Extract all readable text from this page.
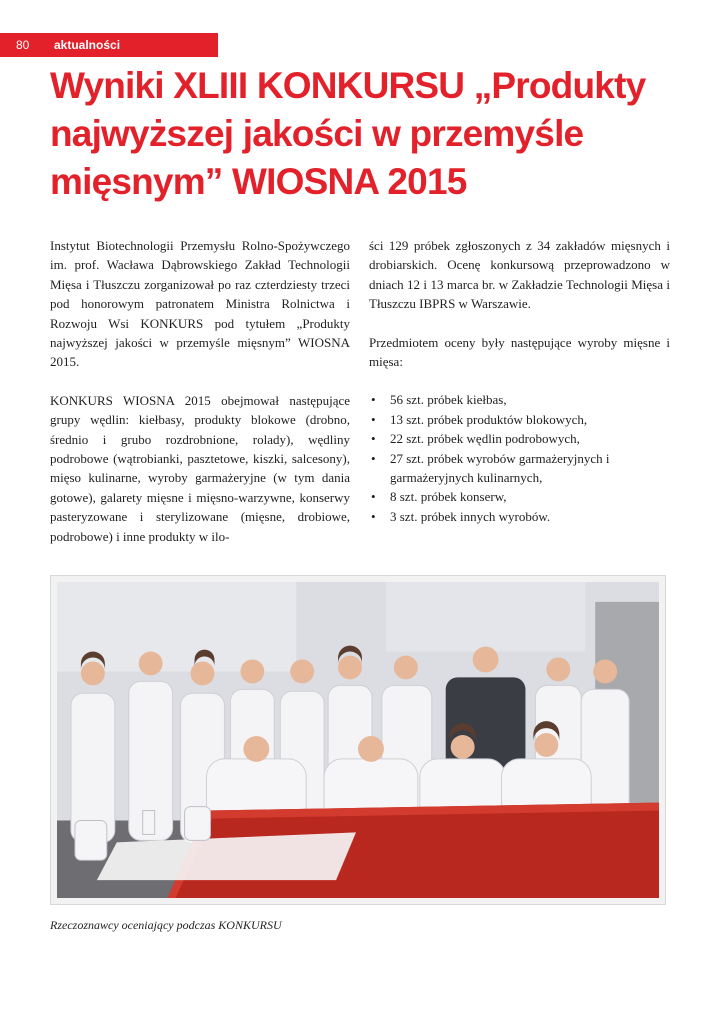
80	aktualności
Wyniki XLIII KONKURSU „Produkty najwyższej jakości w przemyśle mięsnym” WIOSNA 2015

Instytut Biotechnologii Przemysłu Rolno-Spożywczego im. prof. Wacława Dąbrowskiego Zakład Technologii Mięsa i Tłuszczu zorganizował po raz czterdziesty trzeci pod honorowym patronatem Ministra Rolnictwa i Rozwoju Wsi KONKURS pod tytułem „Produkty najwyższej jakości w przemyśle mięsnym” WIOSNA 2015.

KONKURS WIOSNA 2015 obejmował następujące grupy wędlin: kiełbasy, produkty blokowe (drobno, średnio i grubo rozdrobnione, rolady), wędliny podrobowe (wątrobianki, pasztetowe, kiszki, salcesony), mięso kulinarne, wyroby garmażeryjne (w tym dania gotowe), galarety mięsne i mięsno-warzywne, konserwy pasteryzowane i sterylizowane (mięsne, drobiowe, podrobowe) i inne produkty w ilo-

ści 129 próbek zgłoszonych z 34 zakładów mięsnych i drobiarskich. Ocenę konkursową przeprowadzono w dniach 12 i 13 marca br. w Zakładzie Technologii Mięsa i Tłuszczu IBPRS w Warszawie.

Przedmiotem oceny były następujące wyroby mięsne i mięsa:

• 56 szt. próbek kiełbas,
• 13 szt. próbek produktów blokowych,
• 22 szt. próbek wędlin podrobowych,
• 27 szt. próbek wyrobów garmażeryjnych i garmażeryjnych kulinarnych,
• 8 szt. próbek konserw,
• 3 szt. próbek innych wyrobów.

Rzeczoznawcy oceniający podczas KONKURSU
